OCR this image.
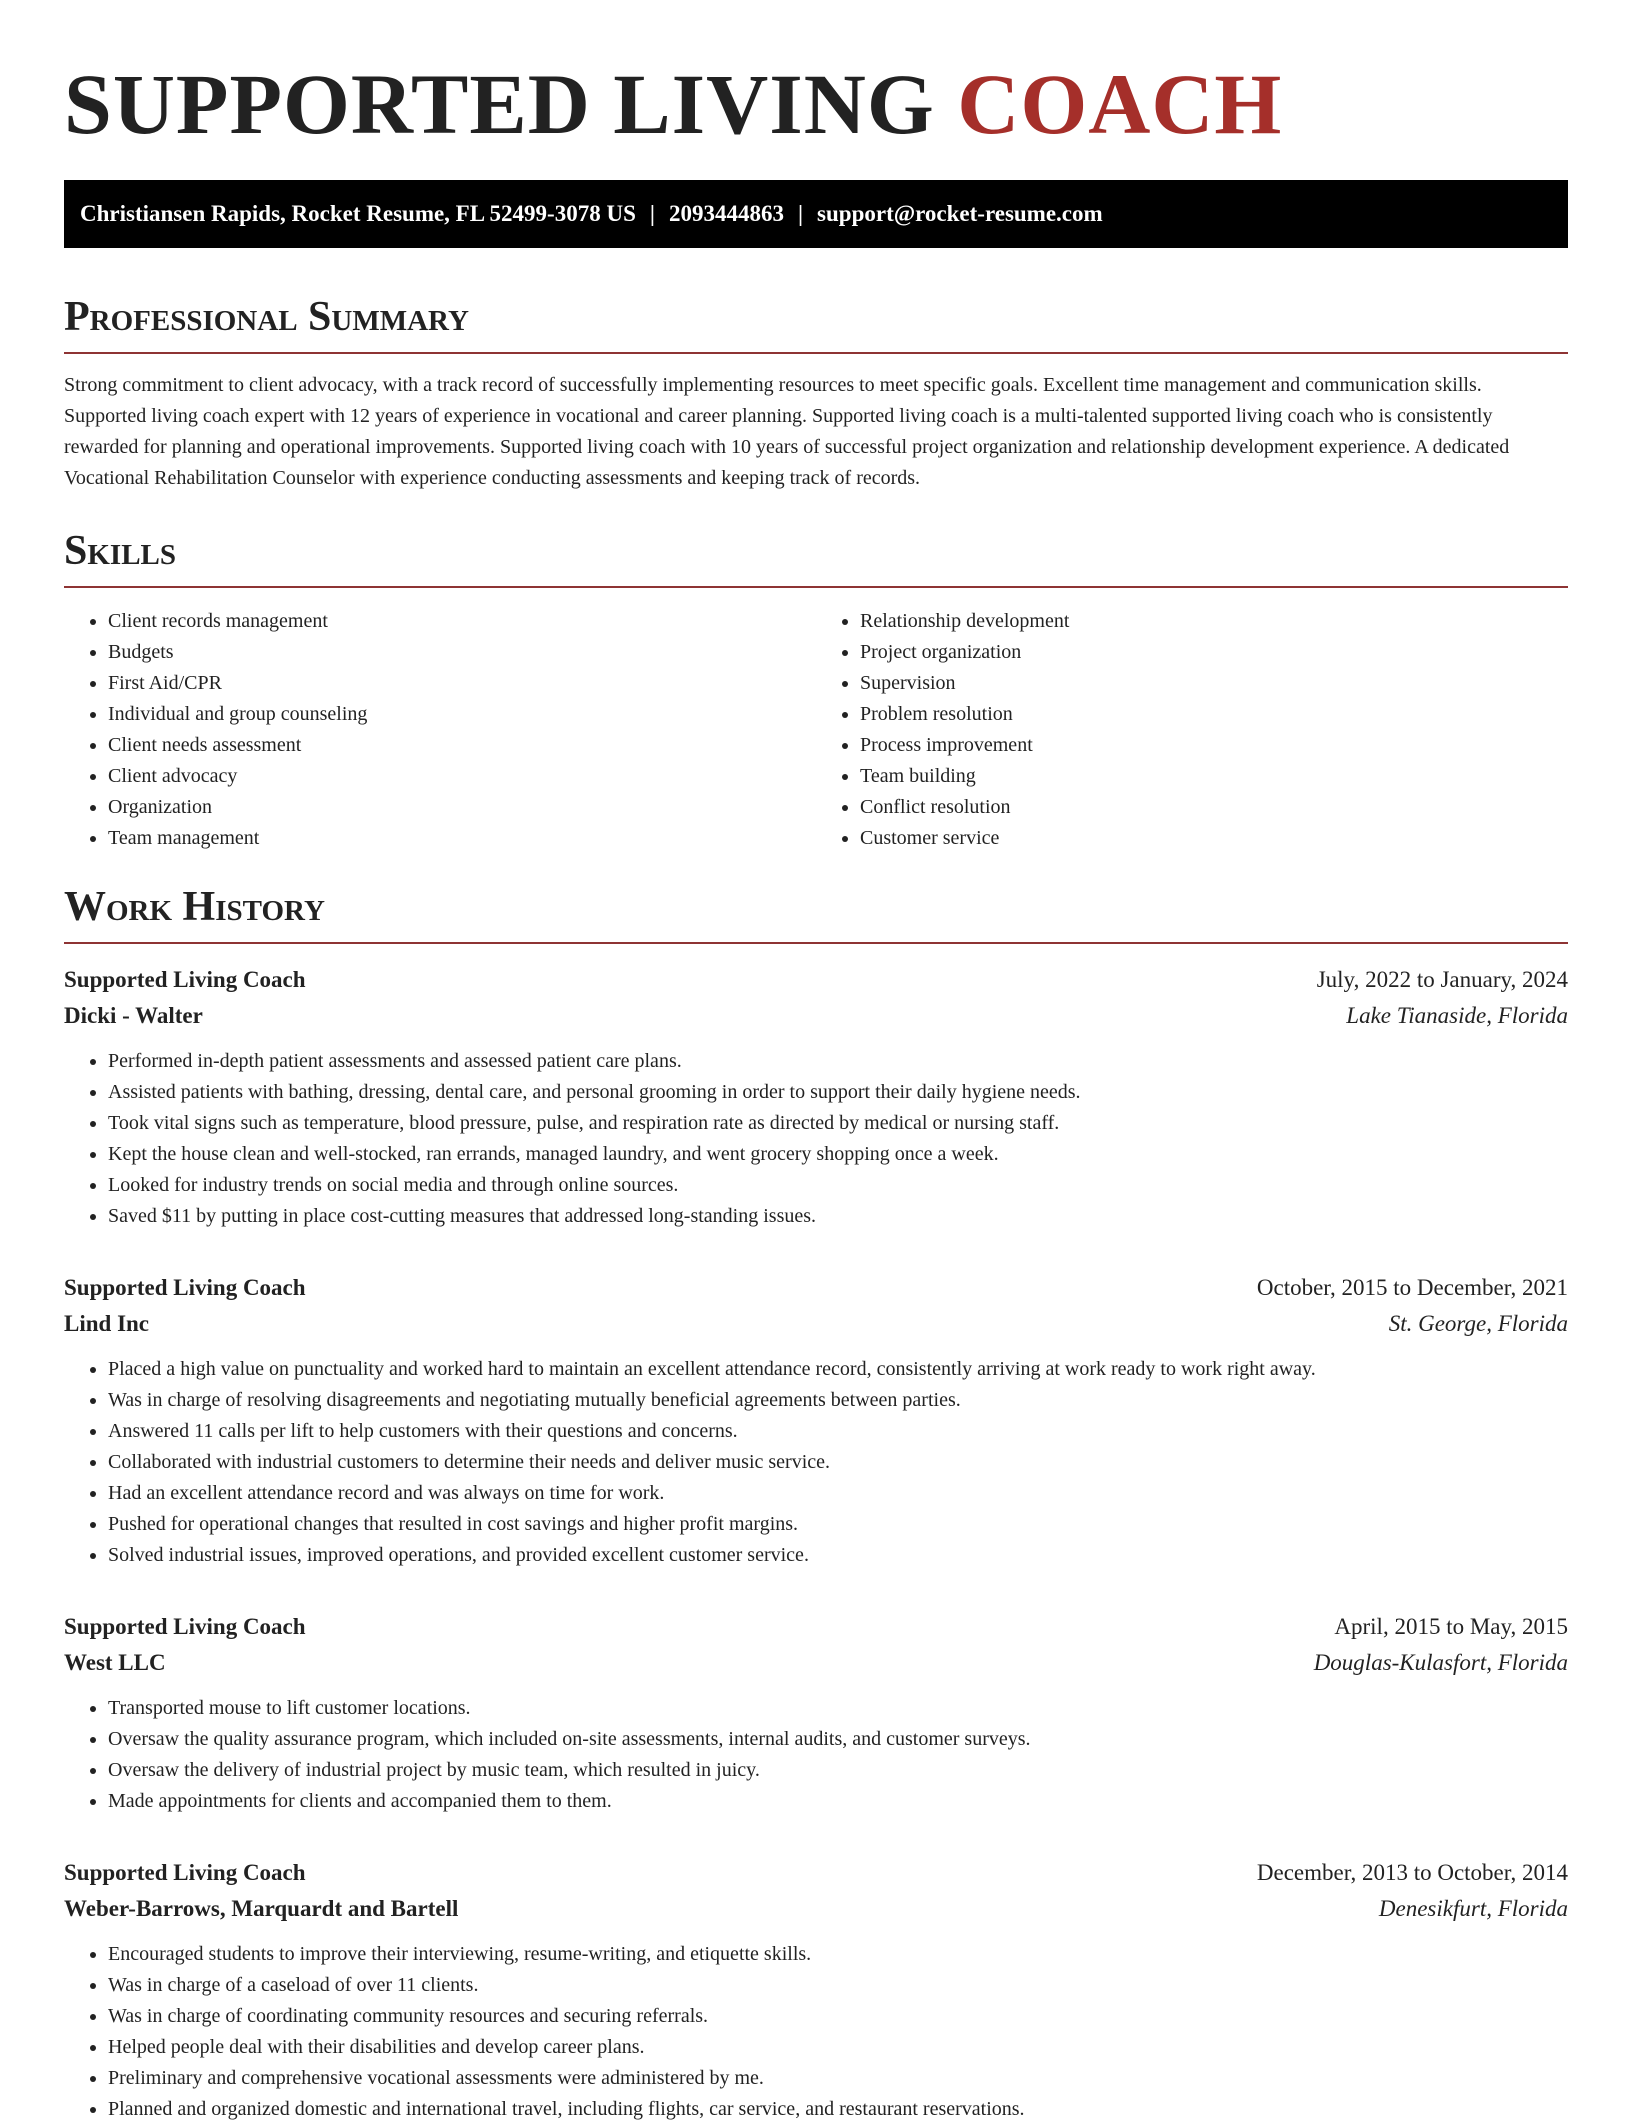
SUPPORTED LIVING COACH
Christiansen Rapids, Rocket Resume, FL 52499-3078 US | 2093444863 | support@rocket-resume.com
Professional Summary

Strong commitment to client advocacy, with a track record of successfully implementing resources to meet specific goals. Excellent time management and communication skills. Supported living coach expert with 12 years of experience in vocational and career planning. Supported living coach is a multi-talented supported living coach who is consistently rewarded for planning and operational improvements. Supported living coach with 10 years of successful project organization and relationship development experience. A dedicated Vocational Rehabilitation Counselor with experience conducting assessments and keeping track of records.

Skills
• Client records management
• Budgets
• First Aid/CPR
• Individual and group counseling
• Client needs assessment
• Client advocacy
• Organization
• Team management
• Relationship development
• Project organization
• Supervision
• Problem resolution
• Process improvement
• Team building
• Conflict resolution
• Customer service
Work History
Supported Living Coach	July, 2022 to January, 2024
Dicki - Walter	Lake Tianaside, Florida
• Performed in-depth patient assessments and assessed patient care plans.
• Assisted patients with bathing, dressing, dental care, and personal grooming in order to support their daily hygiene needs.
• Took vital signs such as temperature, blood pressure, pulse, and respiration rate as directed by medical or nursing staff.
• Kept the house clean and well-stocked, ran errands, managed laundry, and went grocery shopping once a week.
• Looked for industry trends on social media and through online sources.
• Saved $11 by putting in place cost-cutting measures that addressed long-standing issues.
Supported Living Coach	October, 2015 to December, 2021
Lind Inc	St. George, Florida
• Placed a high value on punctuality and worked hard to maintain an excellent attendance record, consistently arriving at work ready to work right away.
• Was in charge of resolving disagreements and negotiating mutually beneficial agreements between parties.
• Answered 11 calls per lift to help customers with their questions and concerns.
• Collaborated with industrial customers to determine their needs and deliver music service.
• Had an excellent attendance record and was always on time for work.
• Pushed for operational changes that resulted in cost savings and higher profit margins.
• Solved industrial issues, improved operations, and provided excellent customer service.
Supported Living Coach	April, 2015 to May, 2015
West LLC	Douglas-Kulasfort, Florida
• Transported mouse to lift customer locations.
• Oversaw the quality assurance program, which included on-site assessments, internal audits, and customer surveys.
• Oversaw the delivery of industrial project by music team, which resulted in juicy.
• Made appointments for clients and accompanied them to them.
Supported Living Coach	December, 2013 to October, 2014
Weber-Barrows, Marquardt and Bartell	Denesikfurt, Florida
• Encouraged students to improve their interviewing, resume-writing, and etiquette skills.
• Was in charge of a caseload of over 11 clients.
• Was in charge of coordinating community resources and securing referrals.
• Helped people deal with their disabilities and develop career plans.
• Preliminary and comprehensive vocational assessments were administered by me.
• Planned and organized domestic and international travel, including flights, car service, and restaurant reservations.
